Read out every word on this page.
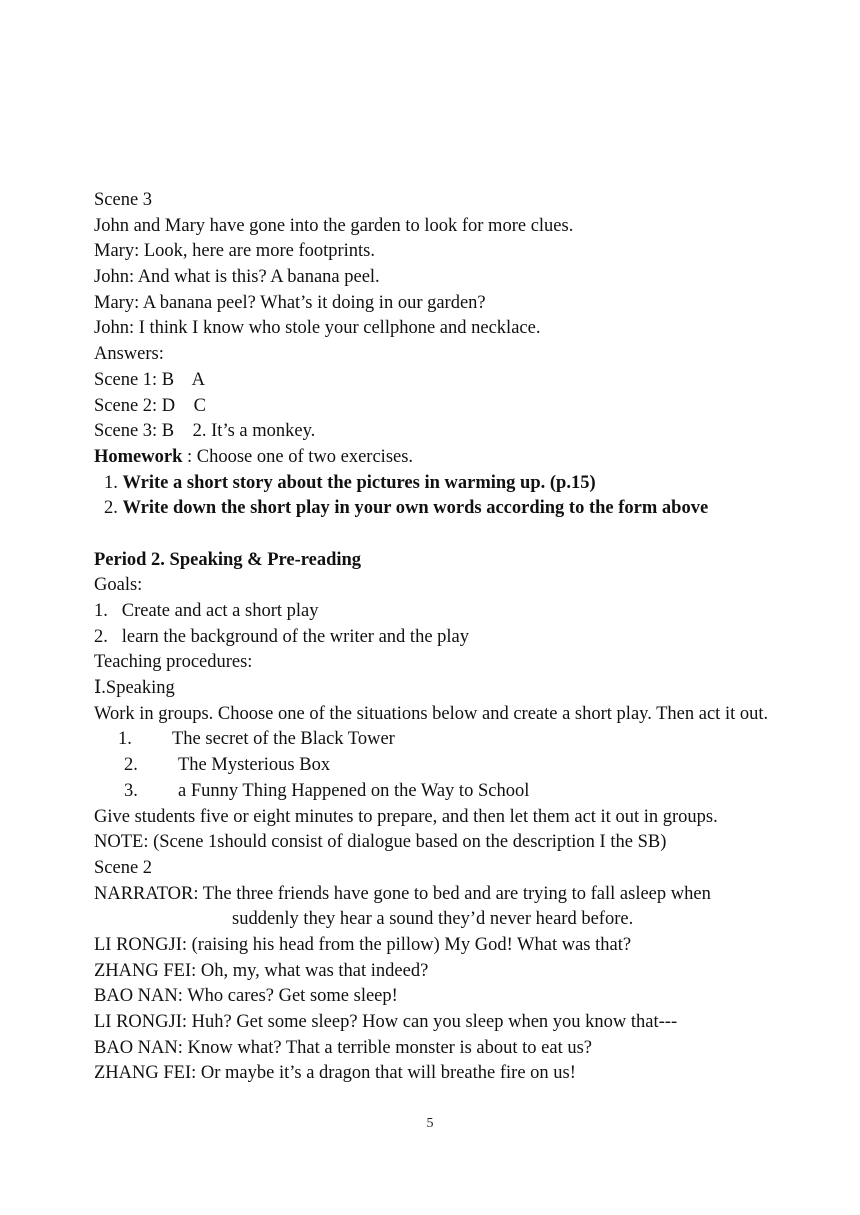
Scene 3
John and Mary have gone into the garden to look for more clues.
Mary: Look, here are more footprints.
John: And what is this? A banana peel.
Mary: A banana peel? What’s it doing in our garden?
John: I think I know who stole your cellphone and necklace.
Answers:
Scene 1: B    A
Scene 2: D    C
Scene 3: B    2. It’s a monkey.
Homework : Choose one of two exercises.
1. Write a short story about the pictures in warming up. (p.15)
2. Write down the short play in your own words according to the form above
Period 2. Speaking & Pre-reading
Goals:
1.   Create and act a short play
2.   learn the background of the writer and the play
Teaching procedures:
Ⅰ.Speaking
Work in groups. Choose one of the situations below and create a short play. Then act it out.
1. The secret of the Black Tower
2. The Mysterious Box
3. a Funny Thing Happened on the Way to School
Give students five or eight minutes to prepare, and then let them act it out in groups.
NOTE: (Scene 1should consist of dialogue based on the description I the SB)
Scene 2
NARRATOR: The three friends have gone to bed and are trying to fall asleep when
suddenly they hear a sound they’d never heard before.
LI RONGJI: (raising his head from the pillow) My God! What was that?
ZHANG FEI: Oh, my, what was that indeed?
BAO NAN: Who cares? Get some sleep!
LI RONGJI: Huh? Get some sleep? How can you sleep when you know that---
BAO NAN: Know what? That a terrible monster is about to eat us?
ZHANG FEI: Or maybe it’s a dragon that will breathe fire on us!
5
